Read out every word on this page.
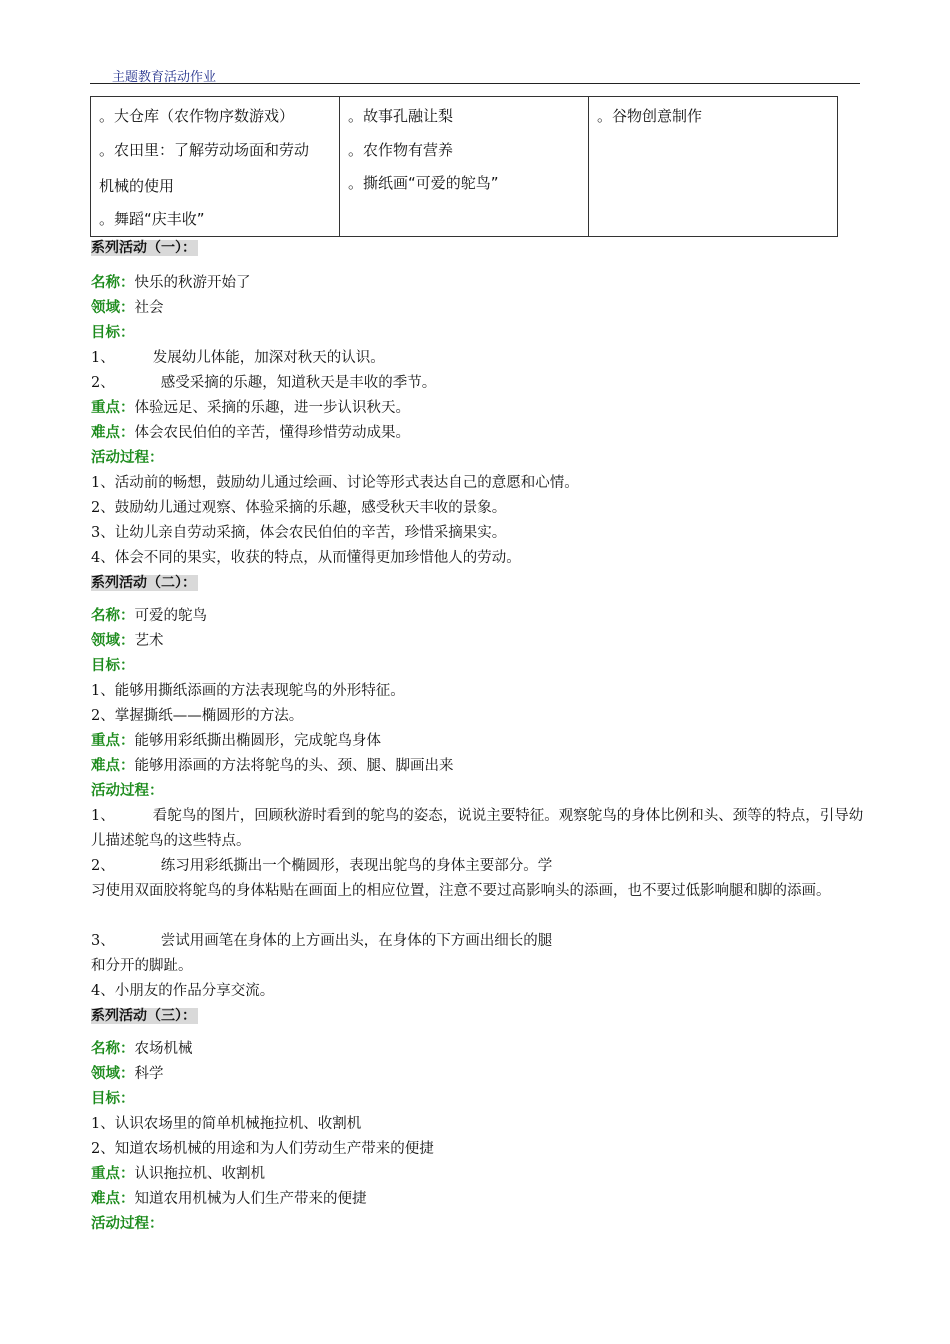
主题教育活动作业
。大仓库（农作物序数游戏）
。农田里：了解劳动场面和劳动
机械的使用
。舞蹈“庆丰收”

。故事孔融让梨
。农作物有营养
。撕纸画“可爱的鸵鸟”

。谷物创意制作
系列活动（一）：
名称：快乐的秋游开始了
领域：社会
目标：
1、	发展幼儿体能，加深对秋天的认识。
2、	感受采摘的乐趣，知道秋天是丰收的季节。
重点：体验远足、采摘的乐趣，进一步认识秋天。
难点：体会农民伯伯的辛苦，懂得珍惜劳动成果。
活动过程：
1、活动前的畅想，鼓励幼儿通过绘画、讨论等形式表达自己的意愿和心情。
2、鼓励幼儿通过观察、体验采摘的乐趣，感受秋天丰收的景象。
3、让幼儿亲自劳动采摘，体会农民伯伯的辛苦，珍惜采摘果实。
4、体会不同的果实，收获的特点，从而懂得更加珍惜他人的劳动。
系列活动（二）：
名称：可爱的鸵鸟
领域：艺术
目标：
1、能够用撕纸添画的方法表现鸵鸟的外形特征。
2、掌握撕纸——椭圆形的方法。
重点：能够用彩纸撕出椭圆形，完成鸵鸟身体
难点：能够用添画的方法将鸵鸟的头、颈、腿、脚画出来
活动过程：
1、	看鸵鸟的图片，回顾秋游时看到的鸵鸟的姿态，说说主要特征。观察鸵鸟的身体比例和头、颈等的特点，引导幼儿描述鸵鸟的这些特点。
2、	练习用彩纸撕出一个椭圆形，表现出鸵鸟的身体主要部分。学
习使用双面胶将鸵鸟的身体粘贴在画面上的相应位置，注意不要过高影响头的添画，也不要过低影响腿和脚的添画。
3、	尝试用画笔在身体的上方画出头，在身体的下方画出细长的腿
和分开的脚趾。
4、小朋友的作品分享交流。
系列活动（三）：
名称：农场机械
领域：科学
目标：
1、认识农场里的简单机械拖拉机、收割机
2、知道农场机械的用途和为人们劳动生产带来的便捷
重点：认识拖拉机、收割机
难点：知道农用机械为人们生产带来的便捷
活动过程：
